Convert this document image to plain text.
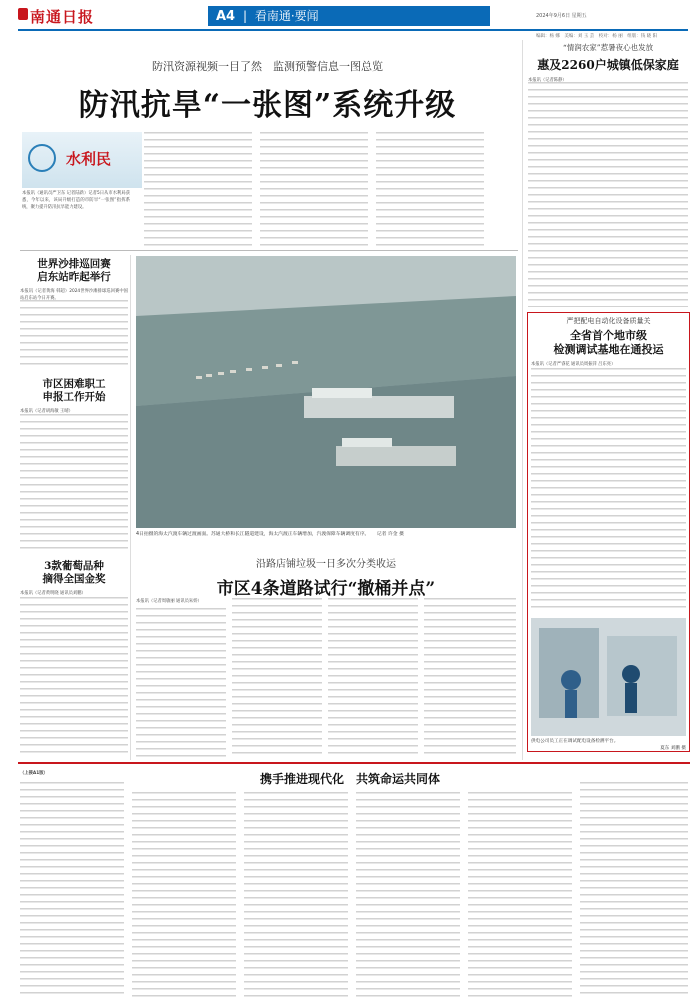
南通日报	A4 | 看南通·要闻	2024年9月6日 星期五
编辑：杨 娜　美编：刘 玉 芸　校对：杨 丽　组版：钱 晓 阳
防汛资源视频一目了然　监测预警信息一图总览
防汛抗旱“一张图”系统升级
水利民
本报讯（通讯员严卫东 记者陆新）记者5日从市水利局获悉，今年以来，该局升级打造的市防旱“一张图”指挥系统，聚力提升防汛抗旱能力建设。
世界沙排巡回赛
启东站昨起举行
本报讯（记者黄海 韩超）2024世界沙滩排球巡回赛中国站启东站今日开赛。
市区困难职工
申报工作开始
本报讯（记者胡海敏 王晴）
3款葡萄品种
摘得全国金奖
本报讯（记者黄明晓 通讯员刘鹏）
4日拍摄的海太汽渡车辆过渡画面。苏通大桥和长江隧道建设，海太汽渡正车辆增加，汽渡保障车辆调度有序。 记者 许金 摄
沿路店铺垃圾一日多次分类收运
市区4条道路试行“撤桶并点”
本报讯（记者周敏丽 通讯员朱娇）
“情润农家”惹暑夜心也发放
惠及2260户城镇低保家庭
本报讯（记者陈静）
严把配电自动化设备质量关
全省首个地市级
检测调试基地在通投运
本报讯（记者严睿花 通讯员周振萍 吕东亮）
供电公司员工正在调试配电设备检测平台。
夏东 刘鹏 摄
（上接A1版）	携手推进现代化　共筑命运共同体
